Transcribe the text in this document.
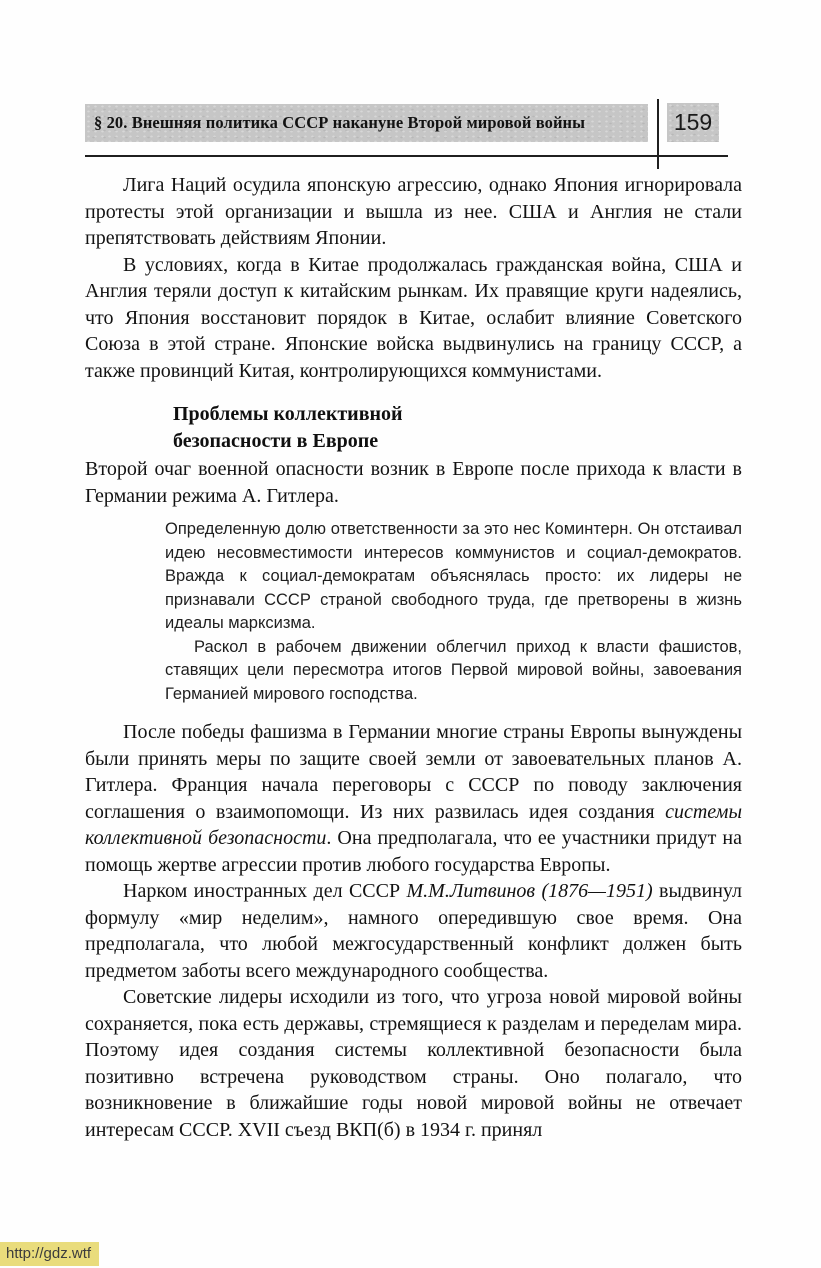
§ 20. Внешняя политика СССР накануне Второй мировой войны	159

Лига Наций осудила японскую агрессию, однако Япония игнорировала протесты этой организации и вышла из нее. США и Англия не стали препятствовать действиям Японии.

В условиях, когда в Китае продолжалась гражданская война, США и Англия теряли доступ к китайским рынкам. Их правящие круги надеялись, что Япония восстановит порядок в Китае, ослабит влияние Советского Союза в этой стране. Японские войска выдвинулись на границу СССР, а также провинций Китая, контролирующихся коммунистами.

Проблемы коллективной
безопасности в Европе

Второй очаг военной опасности возник в Европе после прихода к власти в Германии режима А. Гитлера.

Определенную долю ответственности за это нес Коминтерн. Он отстаивал идею несовместимости интересов коммунистов и социал-демократов. Вражда к социал-демократам объяснялась просто: их лидеры не признавали СССР страной свободного труда, где претворены в жизнь идеалы марксизма.

Раскол в рабочем движении облегчил приход к власти фашистов, ставящих цели пересмотра итогов Первой мировой войны, завоевания Германией мирового господства.

После победы фашизма в Германии многие страны Европы вынуждены были принять меры по защите своей земли от завоевательных планов А. Гитлера. Франция начала переговоры с СССР по поводу заключения соглашения о взаимопомощи. Из них развилась идея создания системы коллективной безопасности. Она предполагала, что ее участники придут на помощь жертве агрессии против любого государства Европы.

Нарком иностранных дел СССР М.М.Литвинов (1876—1951) выдвинул формулу «мир неделим», намного опередившую свое время. Она предполагала, что любой межгосударственный конфликт должен быть предметом заботы всего международного сообщества.

Советские лидеры исходили из того, что угроза новой мировой войны сохраняется, пока есть державы, стремящиеся к разделам и переделам мира. Поэтому идея создания системы коллективной безопасности была позитивно встречена руководством страны. Оно полагало, что возникновение в ближайшие годы новой мировой войны не отвечает интересам СССР. XVII съезд ВКП(б) в 1934 г. принял

http://gdz.wtf
